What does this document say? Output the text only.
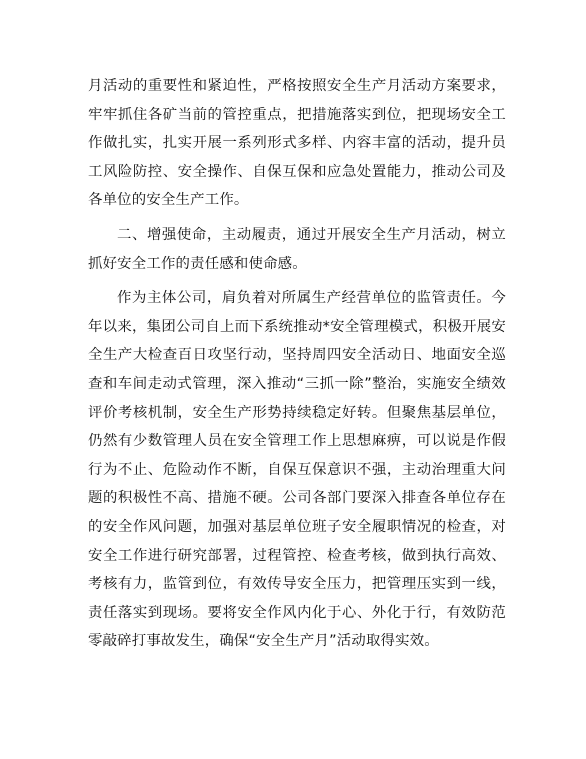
月活动的重要性和紧迫性，严格按照安全生产月活动方案要求，牢牢抓住各矿当前的管控重点，把措施落实到位，把现场安全工作做扎实，扎实开展一系列形式多样、内容丰富的活动，提升员工风险防控、安全操作、自保互保和应急处置能力，推动公司及各单位的安全生产工作。

二、增强使命，主动履责，通过开展安全生产月活动，树立抓好安全工作的责任感和使命感。

作为主体公司，肩负着对所属生产经营单位的监管责任。今年以来，集团公司自上而下系统推动*安全管理模式，积极开展安全生产大检查百日攻坚行动，坚持周四安全活动日、地面安全巡查和车间走动式管理，深入推动“三抓一除”整治，实施安全绩效评价考核机制，安全生产形势持续稳定好转。但聚焦基层单位，仍然有少数管理人员在安全管理工作上思想麻痹，可以说是作假行为不止、危险动作不断，自保互保意识不强，主动治理重大问题的积极性不高、措施不硬。公司各部门要深入排查各单位存在的安全作风问题，加强对基层单位班子安全履职情况的检查，对安全工作进行研究部署，过程管控、检查考核，做到执行高效、考核有力，监管到位，有效传导安全压力，把管理压实到一线，责任落实到现场。要将安全作风内化于心、外化于行，有效防范零敲碎打事故发生，确保“安全生产月”活动取得实效。
